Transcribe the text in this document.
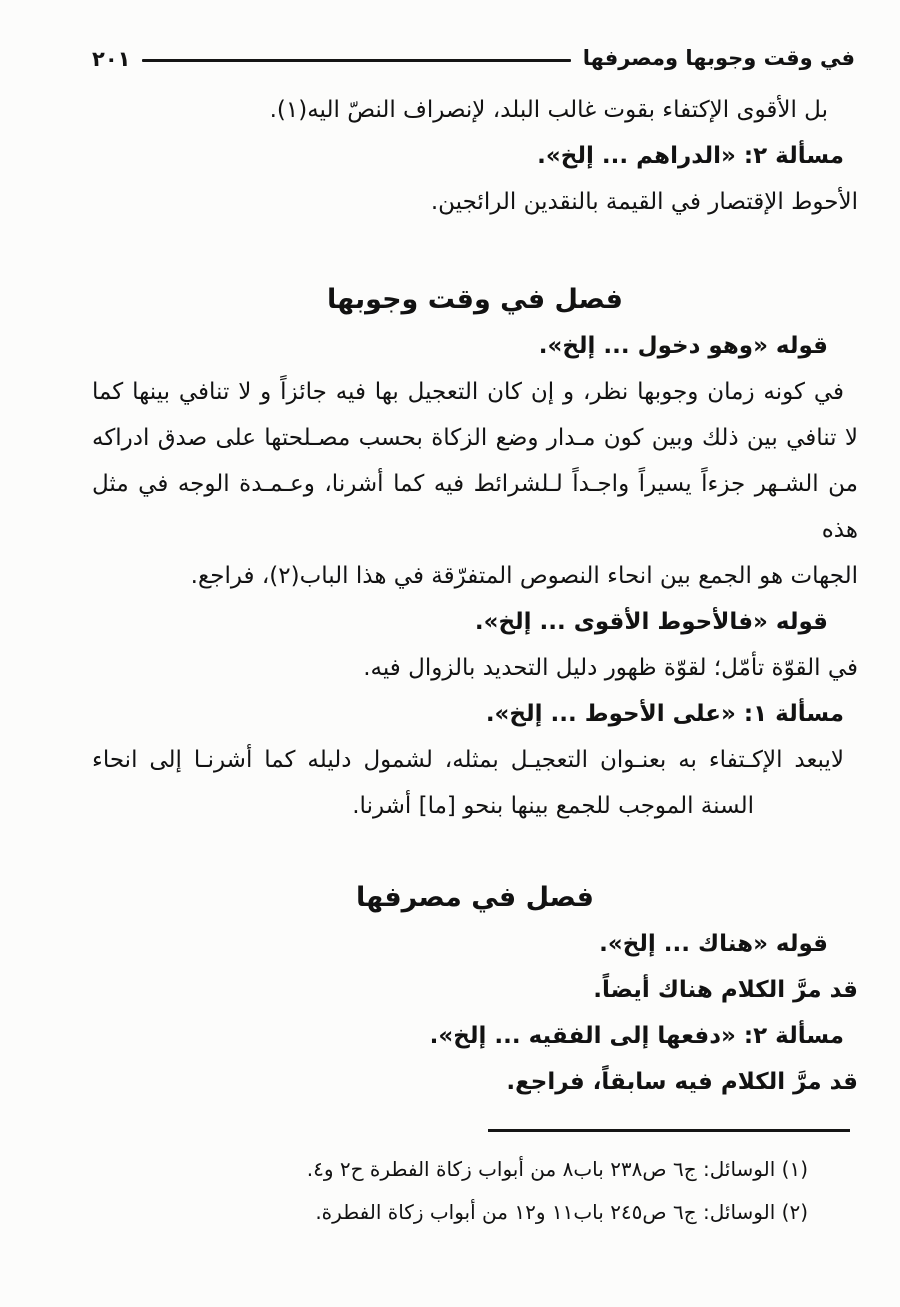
في وقت وجوبها ومصرفها
٢٠١
بل الأقوى الإكتفاء بقوت غالب البلد، لإنصراف النصّ اليه(١).
مسألة ٢: «الدراهم ... إلخ».
الأحوط الإقتصار في القيمة بالنقدين الرائجين.
فصل في وقت وجوبها
قوله «وهو دخول ... إلخ».
في كونه زمان وجوبها نظر، و إن كان التعجيل بها فيه جائزاً و لا تنافي بينها كما
لا تنافي بين ذلك وبين كون مـدار وضع الزكاة بحسب مصـلحتها على صدق ادراكه
من الشـهر جزءاً يسيراً واجـداً لـلشرائط فيه كما أشرنا، وعـمـدة الوجه في مثل هذه
الجهات هو الجمع بين انحاء النصوص المتفرّقة في هذا الباب(٢)، فراجع.
قوله «فالأحوط الأقوى ... إلخ».
في القوّة تأمّل؛ لقوّة ظهور دليل التحديد بالزوال فيه.
مسألة ١: «على الأحوط ... إلخ».
لايبعد الإكـتفاء به بعنـوان التعجيـل بمثله، لشمول دليله كما أشرنـا إلى انحاء
السنة الموجب للجمع بينها بنحو [ما] أشرنا.
فصل في مصرفها
قوله «هناك ... إلخ».
قد مرَّ الكلام هناك أيضاً.
مسألة ٢: «دفعها إلى الفقيه ... إلخ».
قد مرَّ الكلام فيه سابقاً، فراجع.
(١) الوسائل: ج٦ ص٢٣٨ باب٨ من أبواب زكاة الفطرة ح٢ و٤.
(٢) الوسائل: ج٦ ص٢٤٥ باب١١ و١٢ من أبواب زكاة الفطرة.
